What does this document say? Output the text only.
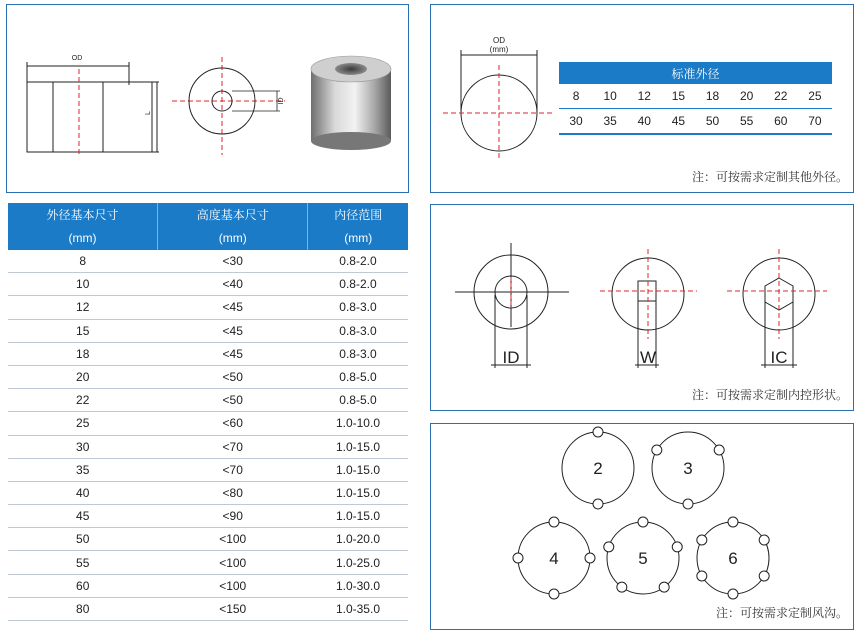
OD
L
ID
OD
(mm)
标准外径							
8	10	12	15	18	20	22	25
30	35	40	45	50	55	60	70
注：可按需求定制其他外径。
外径基本尺寸	高度基本尺寸	内径范围
(mm)	(mm)	(mm)
8	<30	0.8-2.0
10	<40	0.8-2.0
12	<45	0.8-3.0
15	<45	0.8-3.0
18	<45	0.8-3.0
20	<50	0.8-5.0
22	<50	0.8-5.0
25	<60	1.0-10.0
30	<70	1.0-15.0
35	<70	1.0-15.0
40	<80	1.0-15.0
45	<90	1.0-15.0
50	<100	1.0-20.0
55	<100	1.0-25.0
60	<100	1.0-30.0
80	<150	1.0-35.0
ID	W	IC
注：可按需求定制内控形状。
2	3
4	5	6
注：可按需求定制风沟。
